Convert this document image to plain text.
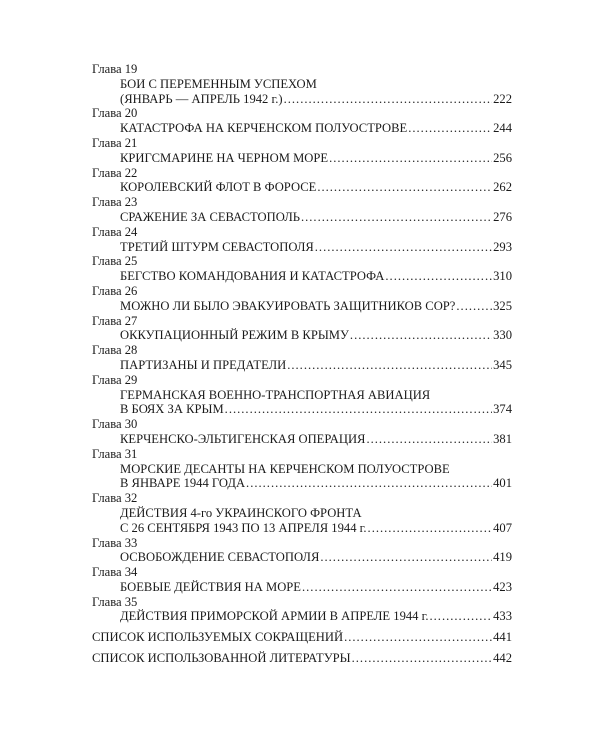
Глава 19
БОИ С ПЕРЕМЕННЫМ УСПЕХОМ
(ЯНВАРЬ — АПРЕЛЬ 1942 г.) .....	222
Глава 20
КАТАСТРОФА НА КЕРЧЕНСКОМ ПОЛУОСТРОВЕ .....	244
Глава 21
КРИГСМАРИНЕ НА ЧЕРНОМ МОРЕ .....	256
Глава 22
КОРОЛЕВСКИЙ ФЛОТ В ФОРОСЕ .....	262
Глава 23
СРАЖЕНИЕ ЗА СЕВАСТОПОЛЬ .....	276
Глава 24
ТРЕТИЙ ШТУРМ СЕВАСТОПОЛЯ .....	293
Глава 25
БЕГСТВО КОМАНДОВАНИЯ И КАТАСТРОФА .....	310
Глава 26
МОЖНО ЛИ БЫЛО ЭВАКУИРОВАТЬ ЗАЩИТНИКОВ СОР? .....	325
Глава 27
ОККУПАЦИОННЫЙ РЕЖИМ В КРЫМУ .....	330
Глава 28
ПАРТИЗАНЫ И ПРЕДАТЕЛИ .....	345
Глава 29
ГЕРМАНСКАЯ ВОЕННО-ТРАНСПОРТНАЯ АВИАЦИЯ
В БОЯХ ЗА КРЫМ .....	374
Глава 30
КЕРЧЕНСКО-ЭЛЬТИГЕНСКАЯ ОПЕРАЦИЯ .....	381
Глава 31
МОРСКИЕ ДЕСАНТЫ НА КЕРЧЕНСКОМ ПОЛУОСТРОВЕ
В ЯНВАРЕ 1944 ГОДА .....	401
Глава 32
ДЕЙСТВИЯ 4-го УКРАИНСКОГО ФРОНТА
С 26 СЕНТЯБРЯ 1943 ПО 13 АПРЕЛЯ 1944 г. .....	407
Глава 33
ОСВОБОЖДЕНИЕ СЕВАСТОПОЛЯ .....	419
Глава 34
БОЕВЫЕ ДЕЙСТВИЯ НА МОРЕ .....	423
Глава 35
ДЕЙСТВИЯ ПРИМОРСКОЙ АРМИИ В АПРЕЛЕ 1944 г. .....	433
СПИСОК ИСПОЛЬЗУЕМЫХ СОКРАЩЕНИЙ .....	441
СПИСОК ИСПОЛЬЗОВАННОЙ ЛИТЕРАТУРЫ .....	442
